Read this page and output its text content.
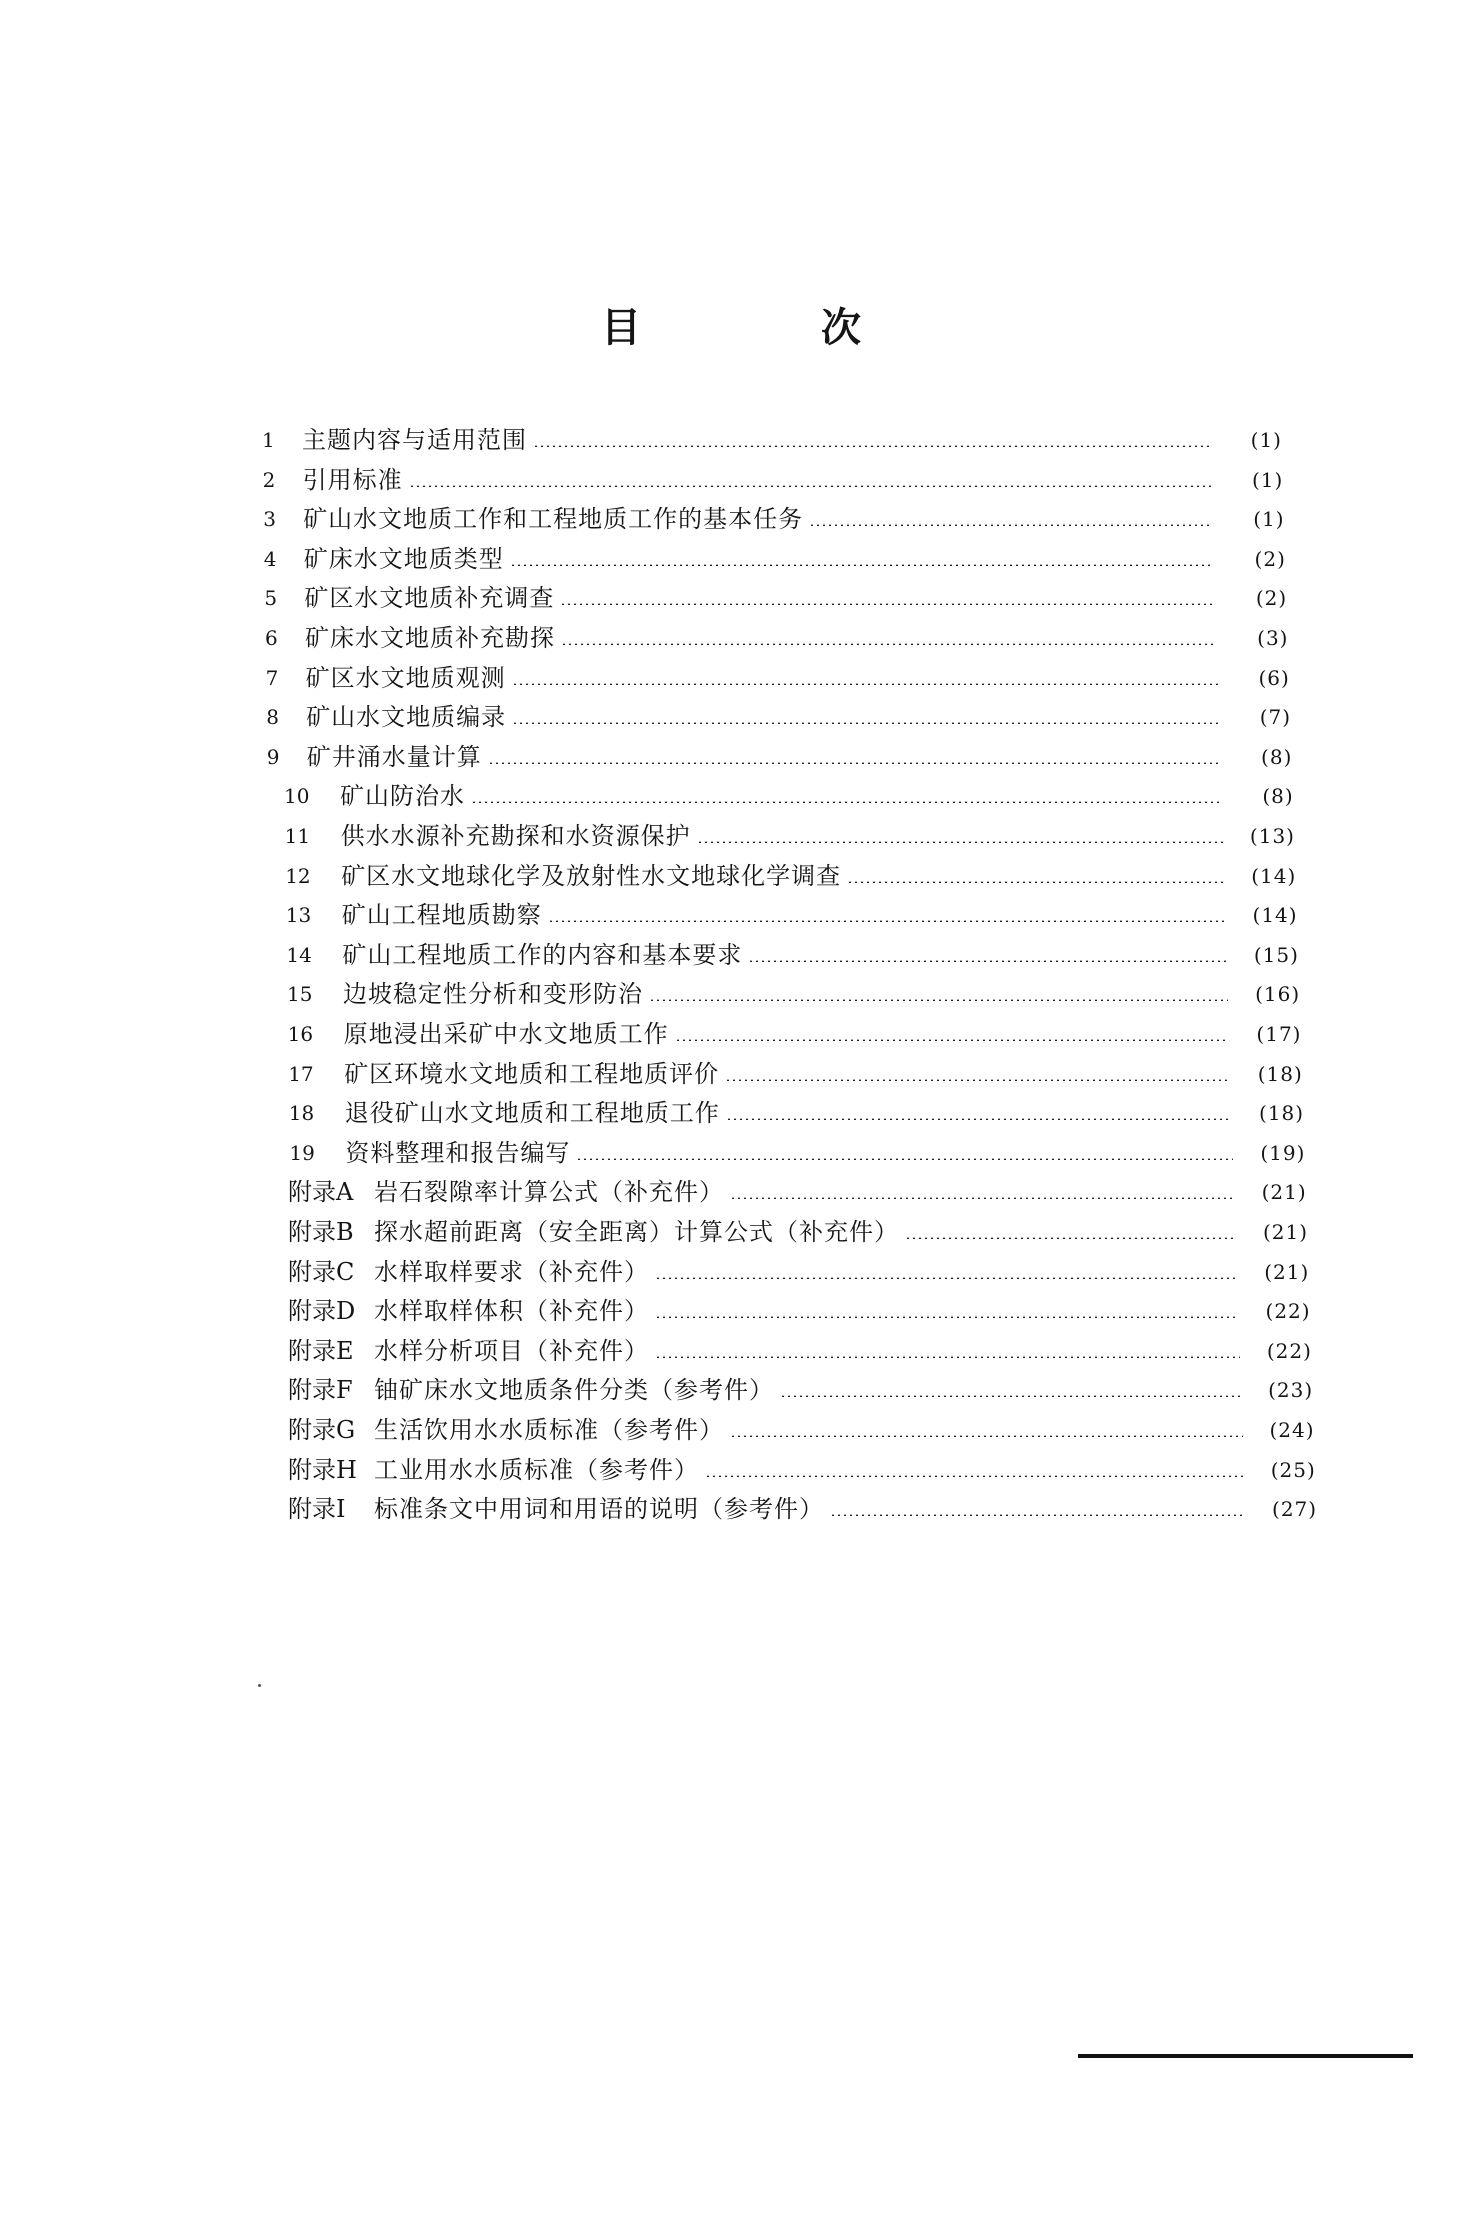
目　次
1	主题内容与适用范围	(1)
2	引用标准	(1)
3	矿山水文地质工作和工程地质工作的基本任务	(1)
4	矿床水文地质类型	(2)
5	矿区水文地质补充调查	(2)
6	矿床水文地质补充勘探	(3)
7	矿区水文地质观测	(6)
8	矿山水文地质编录	(7)
9	矿井涌水量计算	(8)
10	矿山防治水	(8)
11	供水水源补充勘探和水资源保护	(13)
12	矿区水文地球化学及放射性水文地球化学调查	(14)
13	矿山工程地质勘察	(14)
14	矿山工程地质工作的内容和基本要求	(15)
15	边坡稳定性分析和变形防治	(16)
16	原地浸出采矿中水文地质工作	(17)
17	矿区环境水文地质和工程地质评价	(18)
18	退役矿山水文地质和工程地质工作	(18)
19	资料整理和报告编写	(19)
附录A 岩石裂隙率计算公式（补充件）	(21)
附录B 探水超前距离（安全距离）计算公式（补充件）	(21)
附录C 水样取样要求（补充件）	(21)
附录D 水样取样体积（补充件）	(22)
附录E 水样分析项目（补充件）	(22)
附录F 铀矿床水文地质条件分类（参考件）	(23)
附录G 生活饮用水水质标准（参考件）	(24)
附录H 工业用水水质标准（参考件）	(25)
附录I	标准条文中用词和用语的说明（参考件）	(27)
